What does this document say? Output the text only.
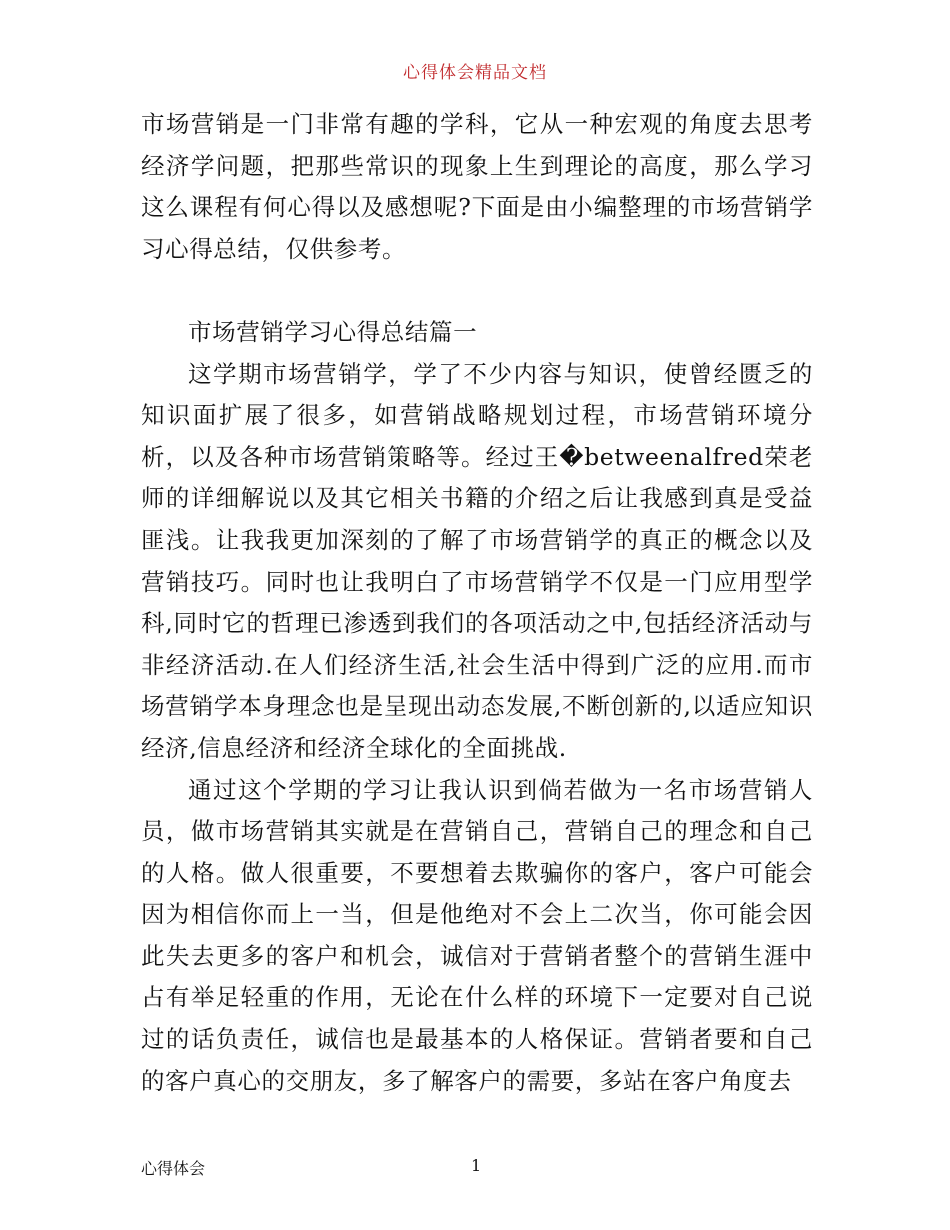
心得体会精品文档

市场营销是一门非常有趣的学科，它从一种宏观的角度去思考经济学问题，把那些常识的现象上生到理论的高度，那么学习这么课程有何心得以及感想呢?下面是由小编整理的市场营销学习心得总结，仅供参考。

市场营销学习心得总结篇一

这学期市场营销学，学了不少内容与知识，使曾经匮乏的知识面扩展了很多，如营销战略规划过程，市场营销环境分析，以及各种市场营销策略等。经过王�betweenalfred荣老师的详细解说以及其它相关书籍的介绍之后让我感到真是受益匪浅。让我我更加深刻的了解了市场营销学的真正的概念以及营销技巧。同时也让我明白了市场营销学不仅是一门应用型学科,同时它的哲理已渗透到我们的各项活动之中,包括经济活动与非经济活动.在人们经济生活,社会生活中得到广泛的应用.而市场营销学本身理念也是呈现出动态发展,不断创新的,以适应知识经济,信息经济和经济全球化的全面挑战.

通过这个学期的学习让我认识到倘若做为一名市场营销人员，做市场营销其实就是在营销自己，营销自己的理念和自己的人格。做人很重要，不要想着去欺骗你的客户，客户可能会因为相信你而上一当，但是他绝对不会上二次当，你可能会因此失去更多的客户和机会，诚信对于营销者整个的营销生涯中占有举足轻重的作用，无论在什么样的环境下一定要对自己说过的话负责任，诚信也是最基本的人格保证。营销者要和自己的客户真心的交朋友，多了解客户的需要，多站在客户角度去

心得体会	1
